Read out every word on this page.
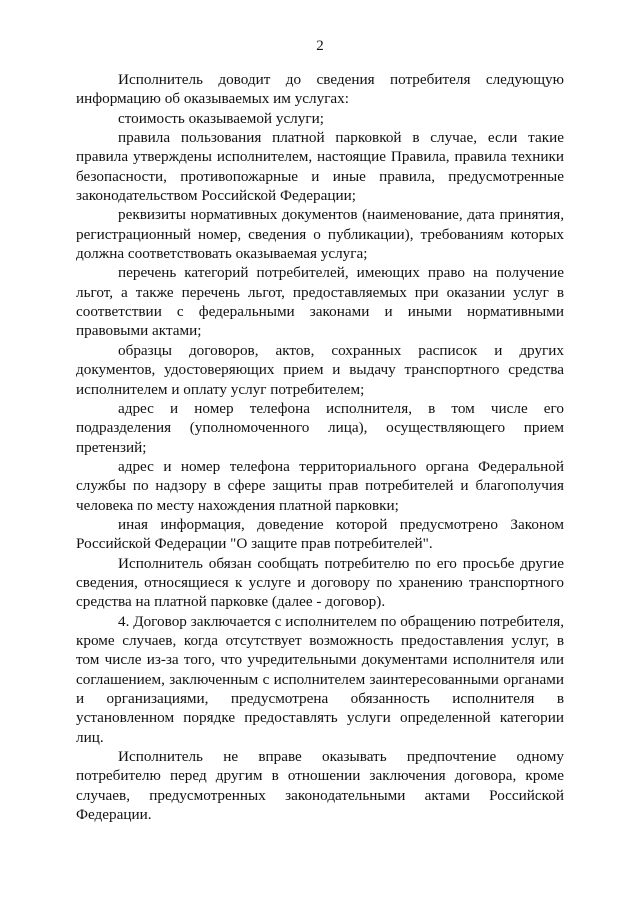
2

Исполнитель доводит до сведения потребителя следующую информацию об оказываемых им услугах:

стоимость оказываемой услуги;

правила пользования платной парковкой в случае, если такие правила утверждены исполнителем, настоящие Правила, правила техники безопасности, противопожарные и иные правила, предусмотренные законодательством Российской Федерации;

реквизиты нормативных документов (наименование, дата принятия, регистрационный номер, сведения о публикации), требованиям которых должна соответствовать оказываемая услуга;

перечень категорий потребителей, имеющих право на получение льгот, а также перечень льгот, предоставляемых при оказании услуг в соответствии с федеральными законами и иными нормативными правовыми актами;

образцы договоров, актов, сохранных расписок и других документов, удостоверяющих прием и выдачу транспортного средства исполнителем и оплату услуг потребителем;

адрес и номер телефона исполнителя, в том числе его подразделения (уполномоченного лица), осуществляющего прием претензий;

адрес и номер телефона территориального органа Федеральной службы по надзору в сфере защиты прав потребителей и благополучия человека по месту нахождения платной парковки;

иная информация, доведение которой предусмотрено Законом Российской Федерации "О защите прав потребителей".

Исполнитель обязан сообщать потребителю по его просьбе другие сведения, относящиеся к услуге и договору по хранению транспортного средства на платной парковке (далее - договор).

4. Договор заключается с исполнителем по обращению потребителя, кроме случаев, когда отсутствует возможность предоставления услуг, в том числе из-за того, что учредительными документами исполнителя или соглашением, заключенным с исполнителем заинтересованными органами и организациями, предусмотрена обязанность исполнителя в установленном порядке предоставлять услуги определенной категории лиц.

Исполнитель не вправе оказывать предпочтение одному потребителю перед другим в отношении заключения договора, кроме случаев, предусмотренных законодательными актами Российской Федерации.
